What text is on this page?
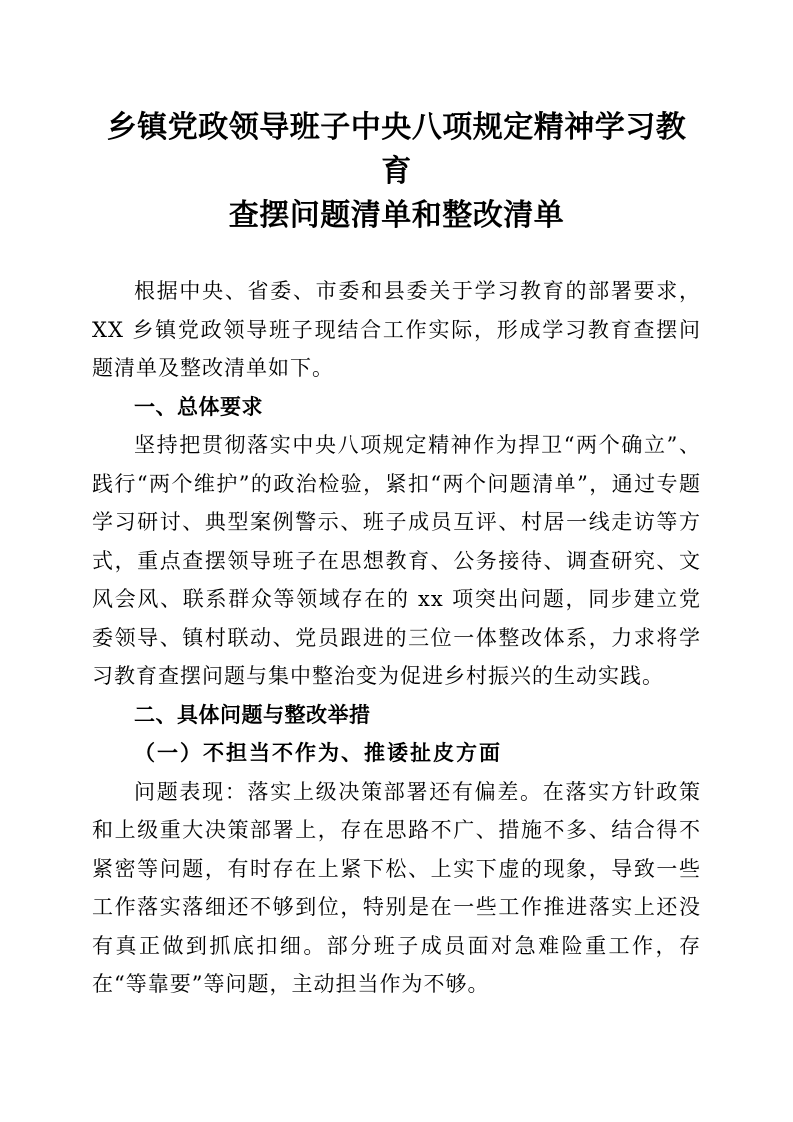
乡镇党政领导班子中央八项规定精神学习教育
查摆问题清单和整改清单

根据中央、省委、市委和县委关于学习教育的部署要求，XX 乡镇党政领导班子现结合工作实际，形成学习教育查摆问题清单及整改清单如下。

一、总体要求

坚持把贯彻落实中央八项规定精神作为捍卫“两个确立”、践行“两个维护”的政治检验，紧扣“两个问题清单”，通过专题学习研讨、典型案例警示、班子成员互评、村居一线走访等方式，重点查摆领导班子在思想教育、公务接待、调查研究、文风会风、联系群众等领域存在的 xx 项突出问题，同步建立党委领导、镇村联动、党员跟进的三位一体整改体系，力求将学习教育查摆问题与集中整治变为促进乡村振兴的生动实践。

二、具体问题与整改举措
（一）不担当不作为、推诿扯皮方面

问题表现：落实上级决策部署还有偏差。在落实方针政策和上级重大决策部署上，存在思路不广、措施不多、结合得不紧密等问题，有时存在上紧下松、上实下虚的现象，导致一些工作落实落细还不够到位，特别是在一些工作推进落实上还没有真正做到抓底扣细。部分班子成员面对急难险重工作，存在“等靠要”等问题，主动担当作为不够。
